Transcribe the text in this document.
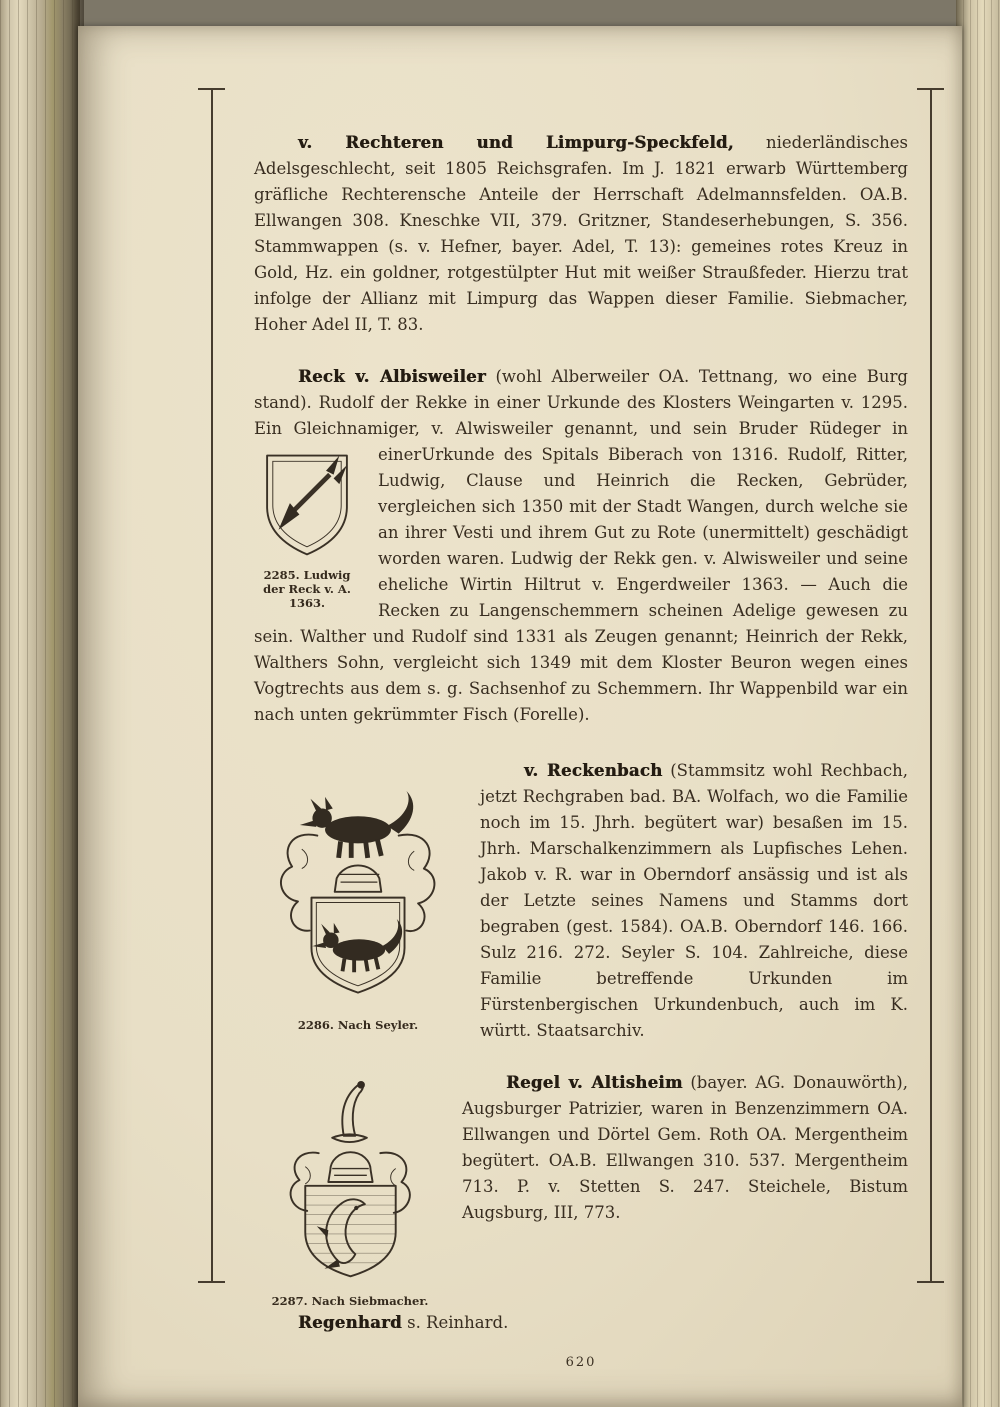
v. Rechteren und Limpurg-Speckfeld, niederländisches Adelsgeschlecht, seit 1805 Reichsgrafen. Im J. 1821 erwarb Württemberg gräfliche Rechterensche Anteile der Herrschaft Adelmannsfelden. OA.B. Ellwangen 308. Kneschke VII, 379. Gritzner, Standeserhebungen, S. 356. Stammwappen (s. v. Hefner, bayer. Adel, T. 13): gemeines rotes Kreuz in Gold, Hz. ein goldner, rotgestülpter Hut mit weißer Straußfeder. Hierzu trat infolge der Allianz mit Limpurg das Wappen dieser Familie. Siebmacher, Hoher Adel II, T. 83.

Reck v. Albisweiler (wohl Alberweiler OA. Tettnang, wo eine Burg stand). Rudolf der Rekke in einer Urkunde des Klosters Weingarten v. 1295. Ein Gleichnamiger, v. Alwisweiler genannt, und sein Bruder Rüdeger in einer
2285. Ludwig der Reck v. A. 1363.
Urkunde des Spitals Biberach von 1316. Rudolf, Ritter, Ludwig, Clause und Heinrich die Recken, Gebrüder, vergleichen sich 1350 mit der Stadt Wangen, durch welche sie an ihrer Vesti und ihrem Gut zu Rote (unermittelt) geschädigt worden waren. Ludwig der Rekk gen. v. Alwisweiler und seine eheliche Wirtin Hiltrut v. Engerdweiler 1363. — Auch die Recken zu Langenschemmern scheinen Adelige gewesen zu sein. Walther und Rudolf sind 1331 als Zeugen genannt; Heinrich der Rekk, Walthers Sohn, vergleicht sich 1349 mit dem Kloster Beuron wegen eines Vogtrechts aus dem s. g. Sachsenhof zu Schemmern. Ihr Wappenbild war ein nach unten gekrümmter Fisch (Forelle).

2286. Nach Seyler.
v. Reckenbach (Stammsitz wohl Rechbach, jetzt Rechgraben bad. BA. Wolfach, wo die Familie noch im 15. Jhrh. begütert war) besaßen im 15. Jhrh. Marschalkenzimmern als Lupfisches Lehen. Jakob v. R. war in Oberndorf ansässig und ist als der Letzte seines Namens und Stamms dort begraben (gest. 1584). OA.B. Oberndorf 146. 166. Sulz 216. 272. Seyler S. 104. Zahlreiche, diese Familie betreffende Urkunden im Fürstenbergischen Urkundenbuch, auch im K. württ. Staatsarchiv.

2287. Nach Siebmacher.
Regel v. Altisheim (bayer. AG. Donauwörth), Augsburger Patrizier, waren in Benzenzimmern OA. Ellwangen und Dörtel Gem. Roth OA. Mergentheim begütert. OA.B. Ellwangen 310. 537. Mergentheim 713. P. v. Stetten S. 247. Steichele, Bistum Augsburg, III, 773.

Regenhard s. Reinhard.

620
